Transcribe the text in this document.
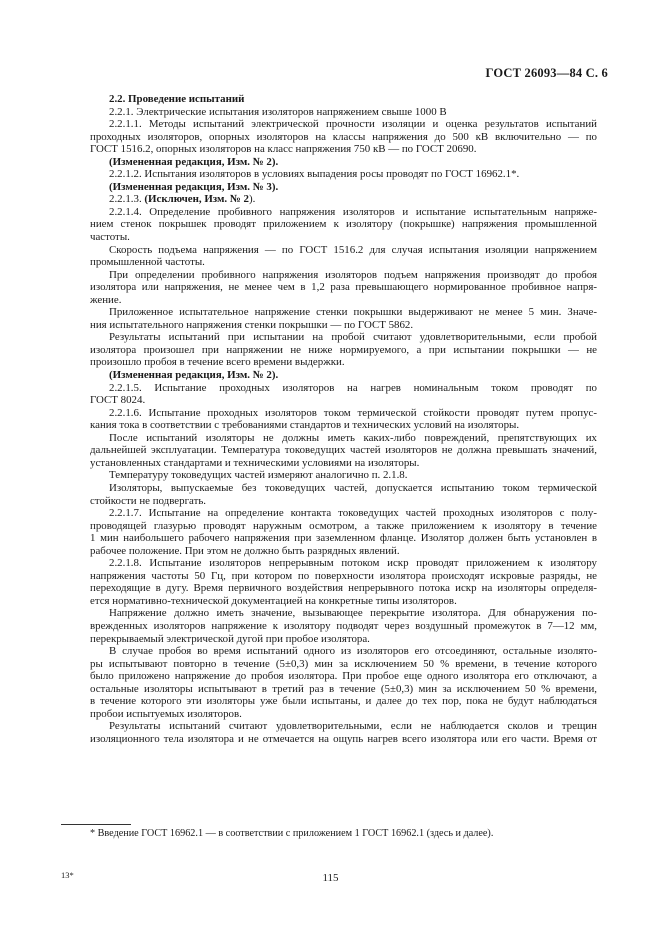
ГОСТ 26093—84 С. 6
2.2. Проведение испытаний
2.2.1. Электрические испытания изоляторов напряжением свыше 1000 В
2.2.1.1. Методы испытаний электрической прочности изоляции и оценка результатов испытаний
проходных изоляторов, опорных изоляторов на классы напряжения до 500 кВ включительно — по
ГОСТ 1516.2, опорных изоляторов на класс напряжения 750 кВ — по ГОСТ 20690.
(Измененная редакция, Изм. № 2).
2.2.1.2. Испытания изоляторов в условиях выпадения росы проводят по ГОСТ 16962.1*.
(Измененная редакция, Изм. № 3).
2.2.1.3. (Исключен, Изм. № 2).
2.2.1.4. Определение пробивного напряжения изоляторов и испытание испытательным напряже-
нием стенок покрышек проводят приложением к изолятору (покрышке) напряжения промышленной
частоты.
Скорость подъема напряжения — по ГОСТ 1516.2 для случая испытания изоляции напряжением
промышленной частоты.
При определении пробивного напряжения изоляторов подъем напряжения производят до пробоя
изолятора или напряжения, не менее чем в 1,2 раза превышающего нормированное пробивное напря-
жение.
Приложенное испытательное напряжение стенки покрышки выдерживают не менее 5 мин. Значе-
ния испытательного напряжения стенки покрышки — по ГОСТ 5862.
Результаты испытаний при испытании на пробой считают удовлетворительными, если пробой
изолятора произошел при напряжении не ниже нормируемого, а при испытании покрышки — не
произошло пробоя в течение всего времени выдержки.
(Измененная редакция, Изм. № 2).
2.2.1.5. Испытание проходных изоляторов на нагрев номинальным током проводят по
ГОСТ 8024.
2.2.1.6. Испытание проходных изоляторов током термической стойкости проводят путем пропус-
кания тока в соответствии с требованиями стандартов и технических условий на изоляторы.
После испытаний изоляторы не должны иметь каких-либо повреждений, препятствующих их
дальнейшей эксплуатации. Температура токоведущих частей изоляторов не должна превышать значений,
установленных стандартами и техническими условиями на изоляторы.
Температуру токоведущих частей измеряют аналогично п. 2.1.8.
Изоляторы, выпускаемые без токоведущих частей, допускается испытанию током термической
стойкости не подвергать.
2.2.1.7. Испытание на определение контакта токоведущих частей проходных изоляторов с полу-
проводящей глазурью проводят наружным осмотром, а также приложением к изолятору в течение
1 мин наибольшего рабочего напряжения при заземленном фланце. Изолятор должен быть установлен в
рабочее положение. При этом не должно быть разрядных явлений.
2.2.1.8. Испытание изоляторов непрерывным потоком искр проводят приложением к изолятору
напряжения частоты 50 Гц, при котором по поверхности изолятора происходят искровые разряды, не
переходящие в дугу. Время первичного воздействия непрерывного потока искр на изоляторы определя-
ется нормативно-технической документацией на конкретные типы изоляторов.
Напряжение должно иметь значение, вызывающее перекрытие изолятора. Для обнаружения по-
врежденных изоляторов напряжение к изолятору подводят через воздушный промежуток в 7—12 мм,
перекрываемый электрической дугой при пробое изолятора.
В случае пробоя во время испытаний одного из изоляторов его отсоединяют, остальные изолято-
ры испытывают повторно в течение (5±0,3) мин за исключением 50 % времени, в течение которого
было приложено напряжение до пробоя изолятора. При пробое еще одного изолятора его отключают, а
остальные изоляторы испытывают в третий раз в течение (5±0,3) мин за исключением 50 % времени,
в течение которого эти изоляторы уже были испытаны, и далее до тех пор, пока не будут наблюдаться
пробои испытуемых изоляторов.
Результаты испытаний считают удовлетворительными, если не наблюдается сколов и трещин
изоляционного тела изолятора и не отмечается на ощупь нагрев всего изолятора или его части. Время от
* Введение ГОСТ 16962.1 — в соответствии с приложением 1 ГОСТ 16962.1 (здесь и далее).
13*	115
